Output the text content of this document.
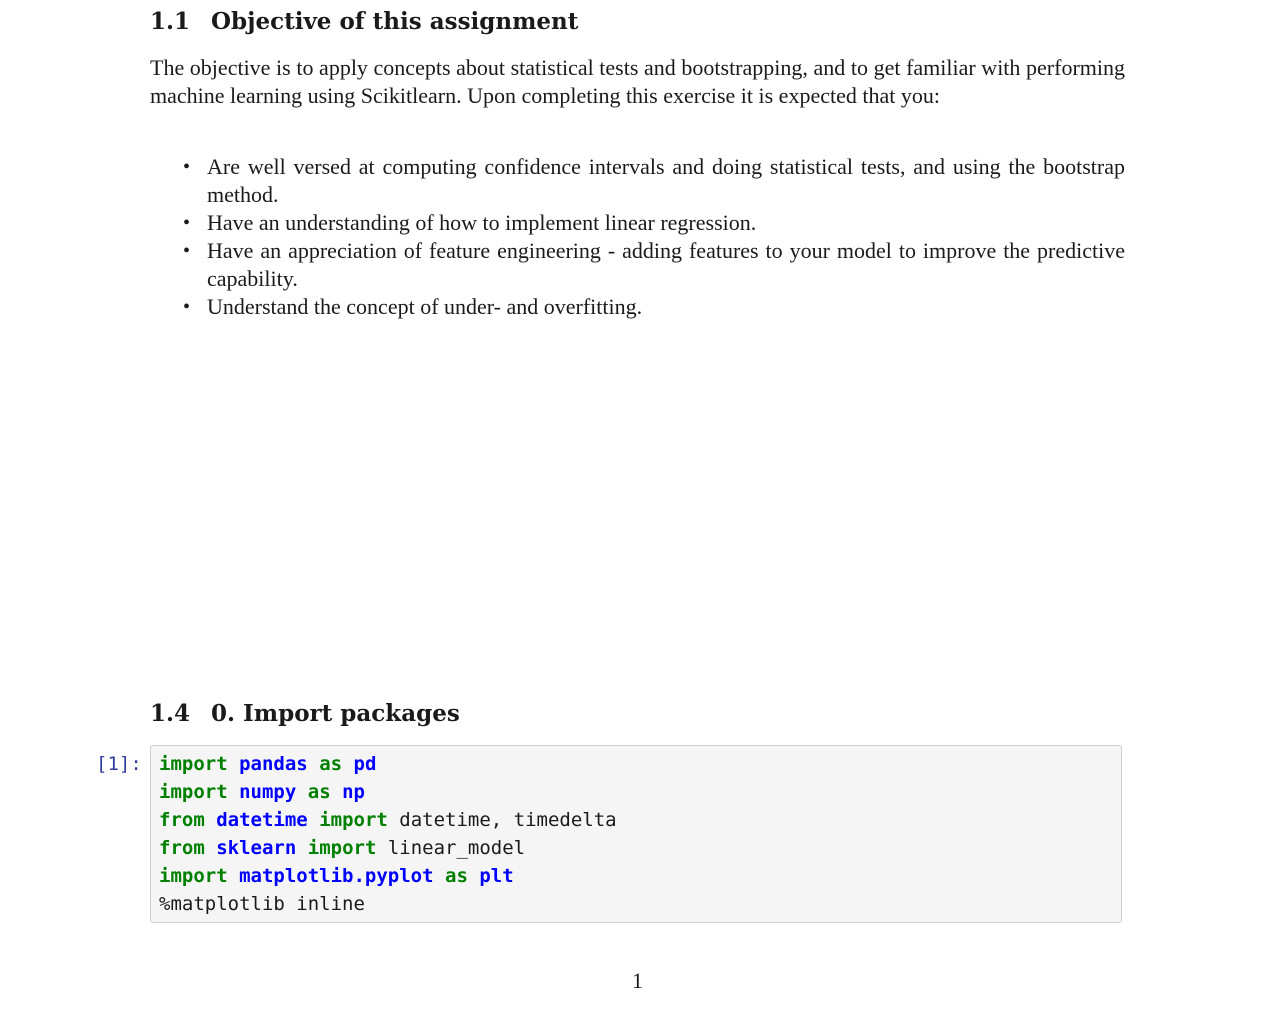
1.1 Objective of this assignment

The objective is to apply concepts about statistical tests and bootstrapping, and to get familiar with performing machine learning using Scikitlearn. Upon completing this exercise it is expected that you:

• Are well versed at computing confidence intervals and doing statistical tests, and using the bootstrap method.
• Have an understanding of how to implement linear regression.
• Have an appreciation of feature engineering - adding features to your model to improve the predictive capability.
• Understand the concept of under- and overfitting.
1.4 0. Import packages
[1]: import pandas as pd
import numpy as np
from datetime import datetime, timedelta
from sklearn import linear_model
import matplotlib.pyplot as plt
%matplotlib inline
1
